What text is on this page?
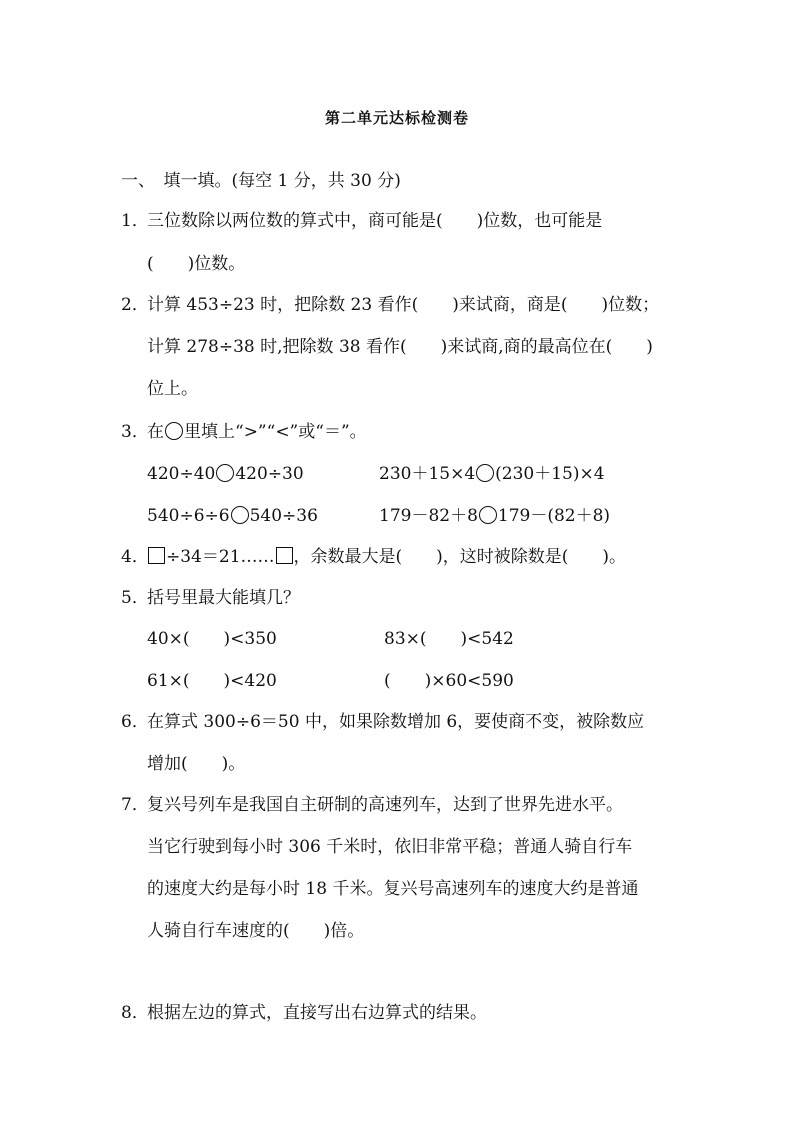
第二单元达标检测卷
一、　填一填。(每空 1 分，共 30 分)
1．三位数除以两位数的算式中，商可能是(　　)位数，也可能是
(　　)位数。
2．计算 453÷23 时，把除数 23 看作(　　)来试商，商是(　　)位数；
计算 278÷38 时,把除数 38 看作(　　)来试商,商的最高位在(　　)
位上。
3．在 里填上“>”“<”或“＝”。
420÷40 420÷30	230＋15×4 (230＋15)×4
540÷6÷6 540÷36	179－82＋8 179－(82＋8)
4． ÷34＝21…… ，余数最大是(　　)，这时被除数是(　　)。
5．括号里最大能填几？
40×(　　)<350	83×(　　)<542
61×(　　)<420	(　　)×60<590
6．在算式 300÷6＝50 中，如果除数增加 6，要使商不变，被除数应
增加(　　)。
7．复兴号列车是我国自主研制的高速列车，达到了世界先进水平。
当它行驶到每小时 306 千米时，依旧非常平稳；普通人骑自行车
的速度大约是每小时 18 千米。复兴号高速列车的速度大约是普通
人骑自行车速度的(　　)倍。
8．根据左边的算式，直接写出右边算式的结果。
